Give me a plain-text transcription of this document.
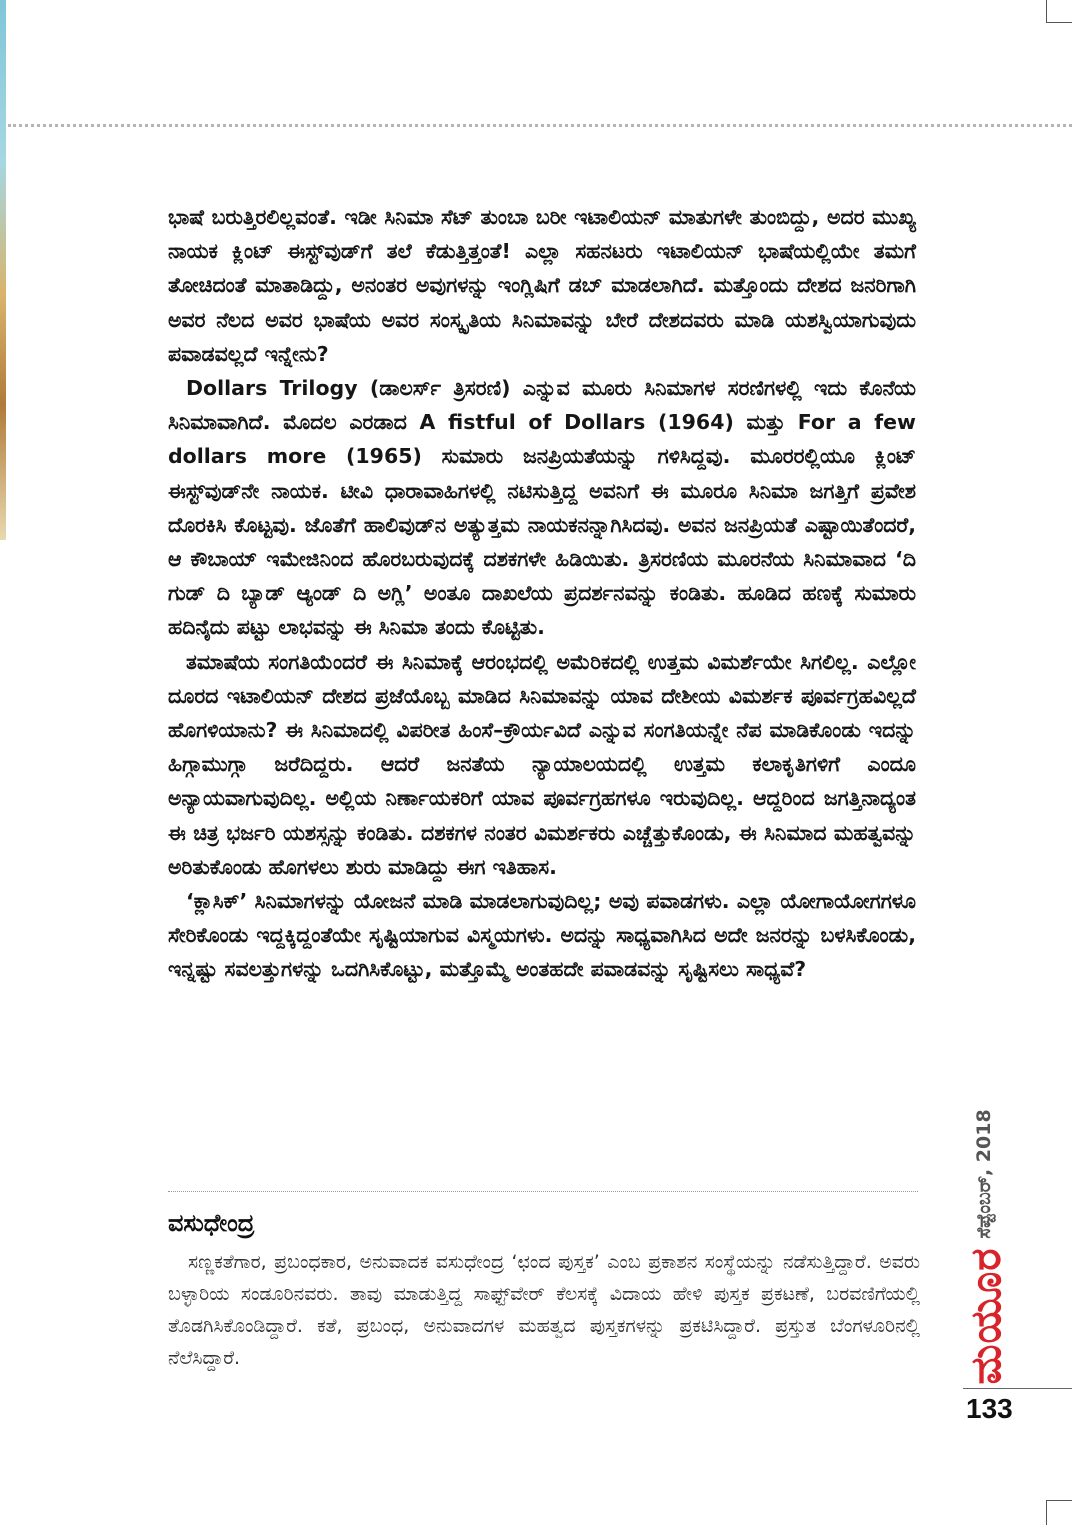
ಭಾಷೆ ಬರುತ್ತಿರಲಿಲ್ಲವಂತೆ. ಇಡೀ ಸಿನಿಮಾ ಸೆಟ್ ತುಂಬಾ ಬರೀ ಇಟಾಲಿಯನ್ ಮಾತುಗಳೇ ತುಂಬಿದ್ದು, ಅದರ ಮುಖ್ಯ ನಾಯಕ ಕ್ಲಿಂಟ್ ಈಸ್ಟ್‌ವುಡ್‌ಗೆ ತಲೆ ಕೆಡುತ್ತಿತ್ತಂತೆ! ಎಲ್ಲಾ ಸಹನಟರು ಇಟಾಲಿಯನ್ ಭಾಷೆಯಲ್ಲಿಯೇ ತಮಗೆ ತೋಚಿದಂತೆ ಮಾತಾಡಿದ್ದು, ಅನಂತರ ಅವುಗಳನ್ನು ಇಂಗ್ಲಿಷಿಗೆ ಡಬ್ ಮಾಡಲಾಗಿದೆ. ಮತ್ತೊಂದು ದೇಶದ ಜನರಿಗಾಗಿ ಅವರ ನೆಲದ ಅವರ ಭಾಷೆಯ ಅವರ ಸಂಸ್ಕೃತಿಯ ಸಿನಿಮಾವನ್ನು ಬೇರೆ ದೇಶದವರು ಮಾಡಿ ಯಶಸ್ವಿಯಾಗುವುದು ಪವಾಡವಲ್ಲದೆ ಇನ್ನೇನು?

Dollars Trilogy (ಡಾಲರ್ಸ್ ತ್ರಿಸರಣಿ) ಎನ್ನುವ ಮೂರು ಸಿನಿಮಾಗಳ ಸರಣಿಗಳಲ್ಲಿ ಇದು ಕೊನೆಯ ಸಿನಿಮಾವಾಗಿದೆ. ಮೊದಲ ಎರಡಾದ A fistful of Dollars (1964) ಮತ್ತು For a few dollars more (1965) ಸುಮಾರು ಜನಪ್ರಿಯತೆಯನ್ನು ಗಳಿಸಿದ್ದವು. ಮೂರರಲ್ಲಿಯೂ ಕ್ಲಿಂಟ್ ಈಸ್ಟ್‌ವುಡ್‌ನೇ ನಾಯಕ. ಟೀವಿ ಧಾರಾವಾಹಿಗಳಲ್ಲಿ ನಟಿಸುತ್ತಿದ್ದ ಅವನಿಗೆ ಈ ಮೂರೂ ಸಿನಿಮಾ ಜಗತ್ತಿಗೆ ಪ್ರವೇಶ ದೊರಕಿಸಿ ಕೊಟ್ಟವು. ಜೊತೆಗೆ ಹಾಲಿವುಡ್‌ನ ಅತ್ಯುತ್ತಮ ನಾಯಕನನ್ನಾಗಿಸಿದವು. ಅವನ ಜನಪ್ರಿಯತೆ ಎಷ್ಟಾಯಿತೆಂದರೆ, ಆ ಕೌಬಾಯ್ ಇಮೇಜಿನಿಂದ ಹೊರಬರುವುದಕ್ಕೆ ದಶಕಗಳೇ ಹಿಡಿಯಿತು. ತ್ರಿಸರಣಿಯ ಮೂರನೆಯ ಸಿನಿಮಾವಾದ ‘ದಿ ಗುಡ್ ದಿ ಬ್ಯಾಡ್ ಆ್ಯಂಡ್ ದಿ ಅಗ್ಲಿ’ ಅಂತೂ ದಾಖಲೆಯ ಪ್ರದರ್ಶನವನ್ನು ಕಂಡಿತು. ಹೂಡಿದ ಹಣಕ್ಕೆ ಸುಮಾರು ಹದಿನೈದು ಪಟ್ಟು ಲಾಭವನ್ನು ಈ ಸಿನಿಮಾ ತಂದು ಕೊಟ್ಟಿತು.

ತಮಾಷೆಯ ಸಂಗತಿಯೆಂದರೆ ಈ ಸಿನಿಮಾಕ್ಕೆ ಆರಂಭದಲ್ಲಿ ಅಮೆರಿಕದಲ್ಲಿ ಉತ್ತಮ ವಿಮರ್ಶೆಯೇ ಸಿಗಲಿಲ್ಲ. ಎಲ್ಲೋ ದೂರದ ಇಟಾಲಿಯನ್ ದೇಶದ ಪ್ರಜೆಯೊಬ್ಬ ಮಾಡಿದ ಸಿನಿಮಾವನ್ನು ಯಾವ ದೇಶೀಯ ವಿಮರ್ಶಕ ಪೂರ್ವಗ್ರಹವಿಲ್ಲದೆ ಹೊಗಳಿಯಾನು? ಈ ಸಿನಿಮಾದಲ್ಲಿ ವಿಪರೀತ ಹಿಂಸೆ–ಕ್ರೌರ್ಯವಿದೆ ಎನ್ನುವ ಸಂಗತಿಯನ್ನೇ ನೆಪ ಮಾಡಿಕೊಂಡು ಇದನ್ನು ಹಿಗ್ಗಾಮುಗ್ಗಾ ಜರೆದಿದ್ದರು. ಆದರೆ ಜನತೆಯ ನ್ಯಾಯಾಲಯದಲ್ಲಿ ಉತ್ತಮ ಕಲಾಕೃತಿಗಳಿಗೆ ಎಂದೂ ಅನ್ಯಾಯವಾಗುವುದಿಲ್ಲ. ಅಲ್ಲಿಯ ನಿರ್ಣಾಯಕರಿಗೆ ಯಾವ ಪೂರ್ವಗ್ರಹಗಳೂ ಇರುವುದಿಲ್ಲ. ಆದ್ದರಿಂದ ಜಗತ್ತಿನಾದ್ಯಂತ ಈ ಚಿತ್ರ ಭರ್ಜರಿ ಯಶಸ್ಸನ್ನು ಕಂಡಿತು. ದಶಕಗಳ ನಂತರ ವಿಮರ್ಶಕರು ಎಚ್ಚೆತ್ತುಕೊಂಡು, ಈ ಸಿನಿಮಾದ ಮಹತ್ವವನ್ನು ಅರಿತುಕೊಂಡು ಹೊಗಳಲು ಶುರು ಮಾಡಿದ್ದು ಈಗ ಇತಿಹಾಸ.

‘ಕ್ಲಾಸಿಕ್’ ಸಿನಿಮಾಗಳನ್ನು ಯೋಜನೆ ಮಾಡಿ ಮಾಡಲಾಗುವುದಿಲ್ಲ; ಅವು ಪವಾಡಗಳು. ಎಲ್ಲಾ ಯೋಗಾಯೋಗಗಳೂ ಸೇರಿಕೊಂಡು ಇದ್ದಕ್ಕಿದ್ದಂತೆಯೇ ಸೃಷ್ಟಿಯಾಗುವ ವಿಸ್ಮಯಗಳು. ಅದನ್ನು ಸಾಧ್ಯವಾಗಿಸಿದ ಅದೇ ಜನರನ್ನು ಬಳಸಿಕೊಂಡು, ಇನ್ನಷ್ಟು ಸವಲತ್ತುಗಳನ್ನು ಒದಗಿಸಿಕೊಟ್ಟು, ಮತ್ತೊಮ್ಮೆ ಅಂತಹದೇ ಪವಾಡವನ್ನು ಸೃಷ್ಟಿಸಲು ಸಾಧ್ಯವೆ?

ವಸುಧೇಂದ್ರ

ಸಣ್ಣಕತೆಗಾರ, ಪ್ರಬಂಧಕಾರ, ಅನುವಾದಕ ವಸುಧೇಂದ್ರ ‘ಛಂದ ಪುಸ್ತಕ’ ಎಂಬ ಪ್ರಕಾಶನ ಸಂಸ್ಥೆಯನ್ನು ನಡೆಸುತ್ತಿದ್ದಾರೆ. ಅವರು ಬಳ್ಳಾರಿಯ ಸಂಡೂರಿನವರು. ತಾವು ಮಾಡುತ್ತಿದ್ದ ಸಾಫ್ಟ್‌ವೇರ್ ಕೆಲಸಕ್ಕೆ ವಿದಾಯ ಹೇಳಿ ಪುಸ್ತಕ ಪ್ರಕಟಣೆ, ಬರವಣಿಗೆಯಲ್ಲಿ ತೊಡಗಿಸಿಕೊಂಡಿದ್ದಾರೆ. ಕತೆ, ಪ್ರಬಂಧ, ಅನುವಾದಗಳ ಮಹತ್ವದ ಪುಸ್ತಕಗಳನ್ನು ಪ್ರಕಟಿಸಿದ್ದಾರೆ. ಪ್ರಸ್ತುತ ಬೆಂಗಳೂರಿನಲ್ಲಿ ನೆಲೆಸಿದ್ದಾರೆ.

ಸೆಪ್ಟೆಂಬರ್, 2018
ಮಯೂರ
133
